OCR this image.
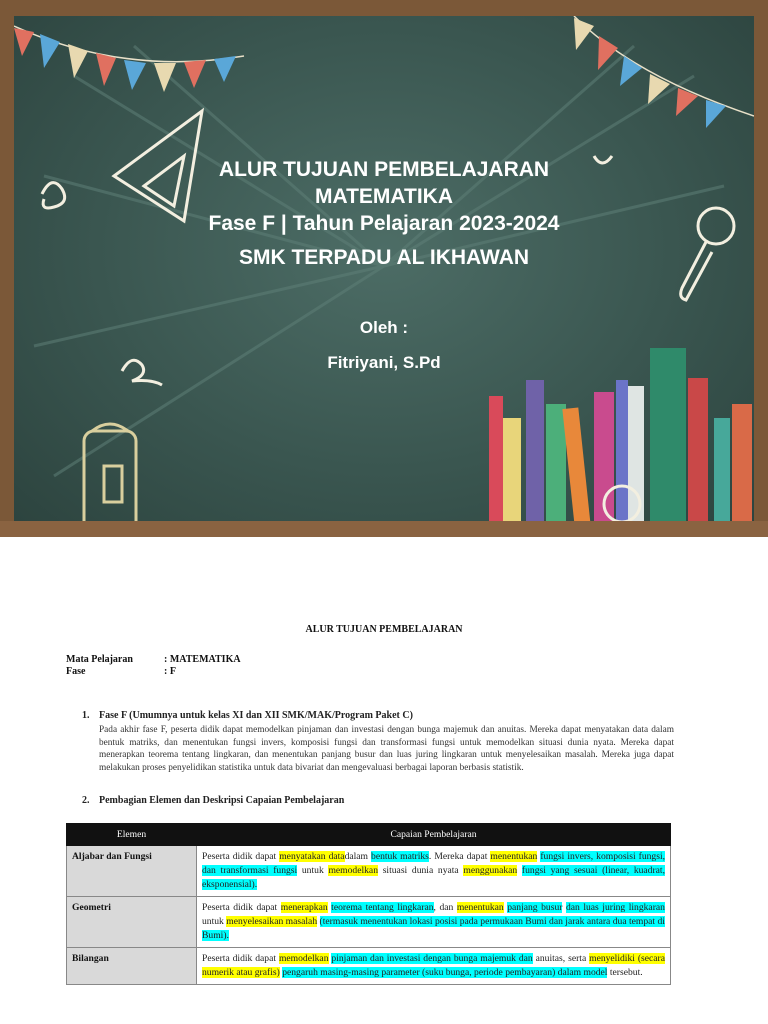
ALUR TUJUAN PEMBELAJARAN
MATEMATIKA
Fase F | Tahun Pelajaran 2023-2024
SMK TERPADU AL IKHAWAN
Oleh :
Fitriyani, S.Pd
ALUR TUJUAN PEMBELAJARAN
Mata Pelajaran	: MATEMATIKA
Fase	: F
1. Fase F (Umumnya untuk kelas XI dan XII SMK/MAK/Program Paket C)
Pada akhir fase F, peserta didik dapat memodelkan pinjaman dan investasi dengan bunga majemuk dan anuitas. Mereka dapat menyatakan data dalam bentuk matriks, dan menentukan fungsi invers, komposisi fungsi dan transformasi fungsi untuk memodelkan situasi dunia nyata. Mereka dapat menerapkan teorema tentang lingkaran, dan menentukan panjang busur dan luas juring lingkaran untuk menyelesaikan masalah. Mereka juga dapat melakukan proses penyelidikan statistika untuk data bivariat dan mengevaluasi berbagai laporan berbasis statistik.
2. Pembagian Elemen dan Deskripsi Capaian Pembelajaran
Elemen	Capaian Pembelajaran
Aljabar dan Fungsi	Peserta didik dapat menyatakan datadalam bentuk matriks. Mereka dapat menentukan fungsi invers, komposisi fungsi, dan transformasi fungsi untuk memodelkan situasi dunia nyata menggunakan fungsi yang sesuai (linear, kuadrat, eksponensial).
Geometri	Peserta didik dapat menerapkan teorema tentang lingkaran, dan menentukan panjang busur dan luas juring lingkaran untuk menyelesaikan masalah (termasuk menentukan lokasi posisi pada permukaan Bumi dan jarak antara dua tempat di Bumi).
Bilangan	Peserta didik dapat memodelkan pinjaman dan investasi dengan bunga majemuk dan anuitas, serta menyelidiki (secara numerik atau grafis) pengaruh masing-masing parameter (suku bunga, periode pembayaran) dalam model tersebut.
